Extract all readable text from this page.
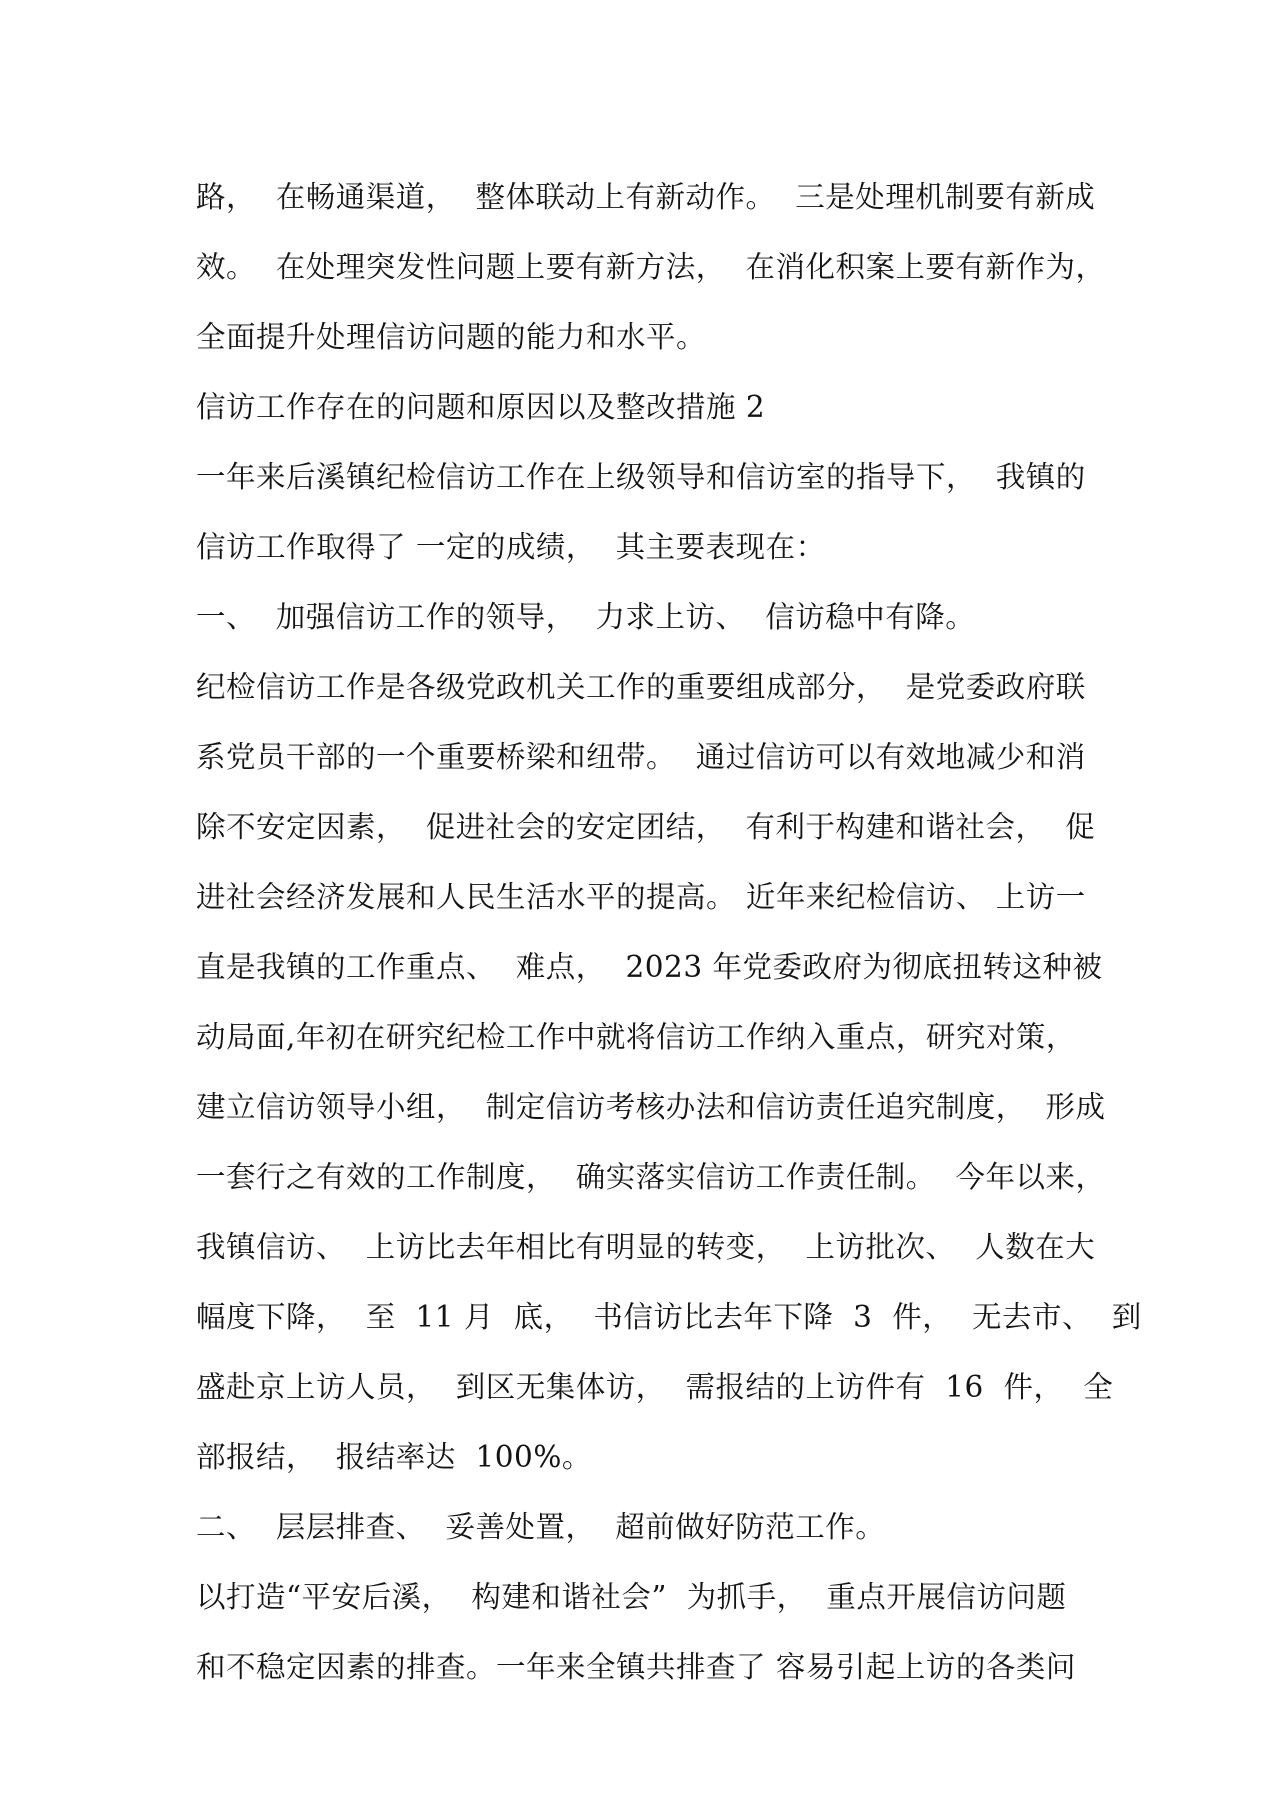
路，  在畅通渠道，  整体联动上有新动作。  三是处理机制要有新成
效。  在处理突发性问题上要有新方法，  在消化积案上要有新作为，
全面提升处理信访问题的能力和水平。
信访工作存在的问题和原因以及整改措施 2
一年来后溪镇纪检信访工作在上级领导和信访室的指导下，  我镇的
信访工作取得了 一定的成绩，  其主要表现在：
一、  加强信访工作的领导，  力求上访、  信访稳中有降。
纪检信访工作是各级党政机关工作的重要组成部分，  是党委政府联
系党员干部的一个重要桥梁和纽带。  通过信访可以有效地减少和消
除不安定因素，  促进社会的安定团结，  有利于构建和谐社会，  促
进社会经济发展和人民生活水平的提高。 近年来纪检信访、 上访一
直是我镇的工作重点、  难点，  2023 年党委政府为彻底扭转这种被
动局面,年初在研究纪检工作中就将信访工作纳入重点，研究对策，
建立信访领导小组，  制定信访考核办法和信访责任追究制度，  形成
一套行之有效的工作制度，  确实落实信访工作责任制。  今年以来，
我镇信访、  上访比去年相比有明显的转变，  上访批次、  人数在大
幅度下降，  至  11 月  底，  书信访比去年下降  3  件，  无去市、  到
盛赴京上访人员，  到区无集体访，  需报结的上访件有  16  件，  全
部报结，  报结率达  100%。
二、  层层排查、  妥善处置，  超前做好防范工作。
以打造“平安后溪，  构建和谐社会”  为抓手，  重点开展信访问题
和不稳定因素的排查。一年来全镇共排查了 容易引起上访的各类问
